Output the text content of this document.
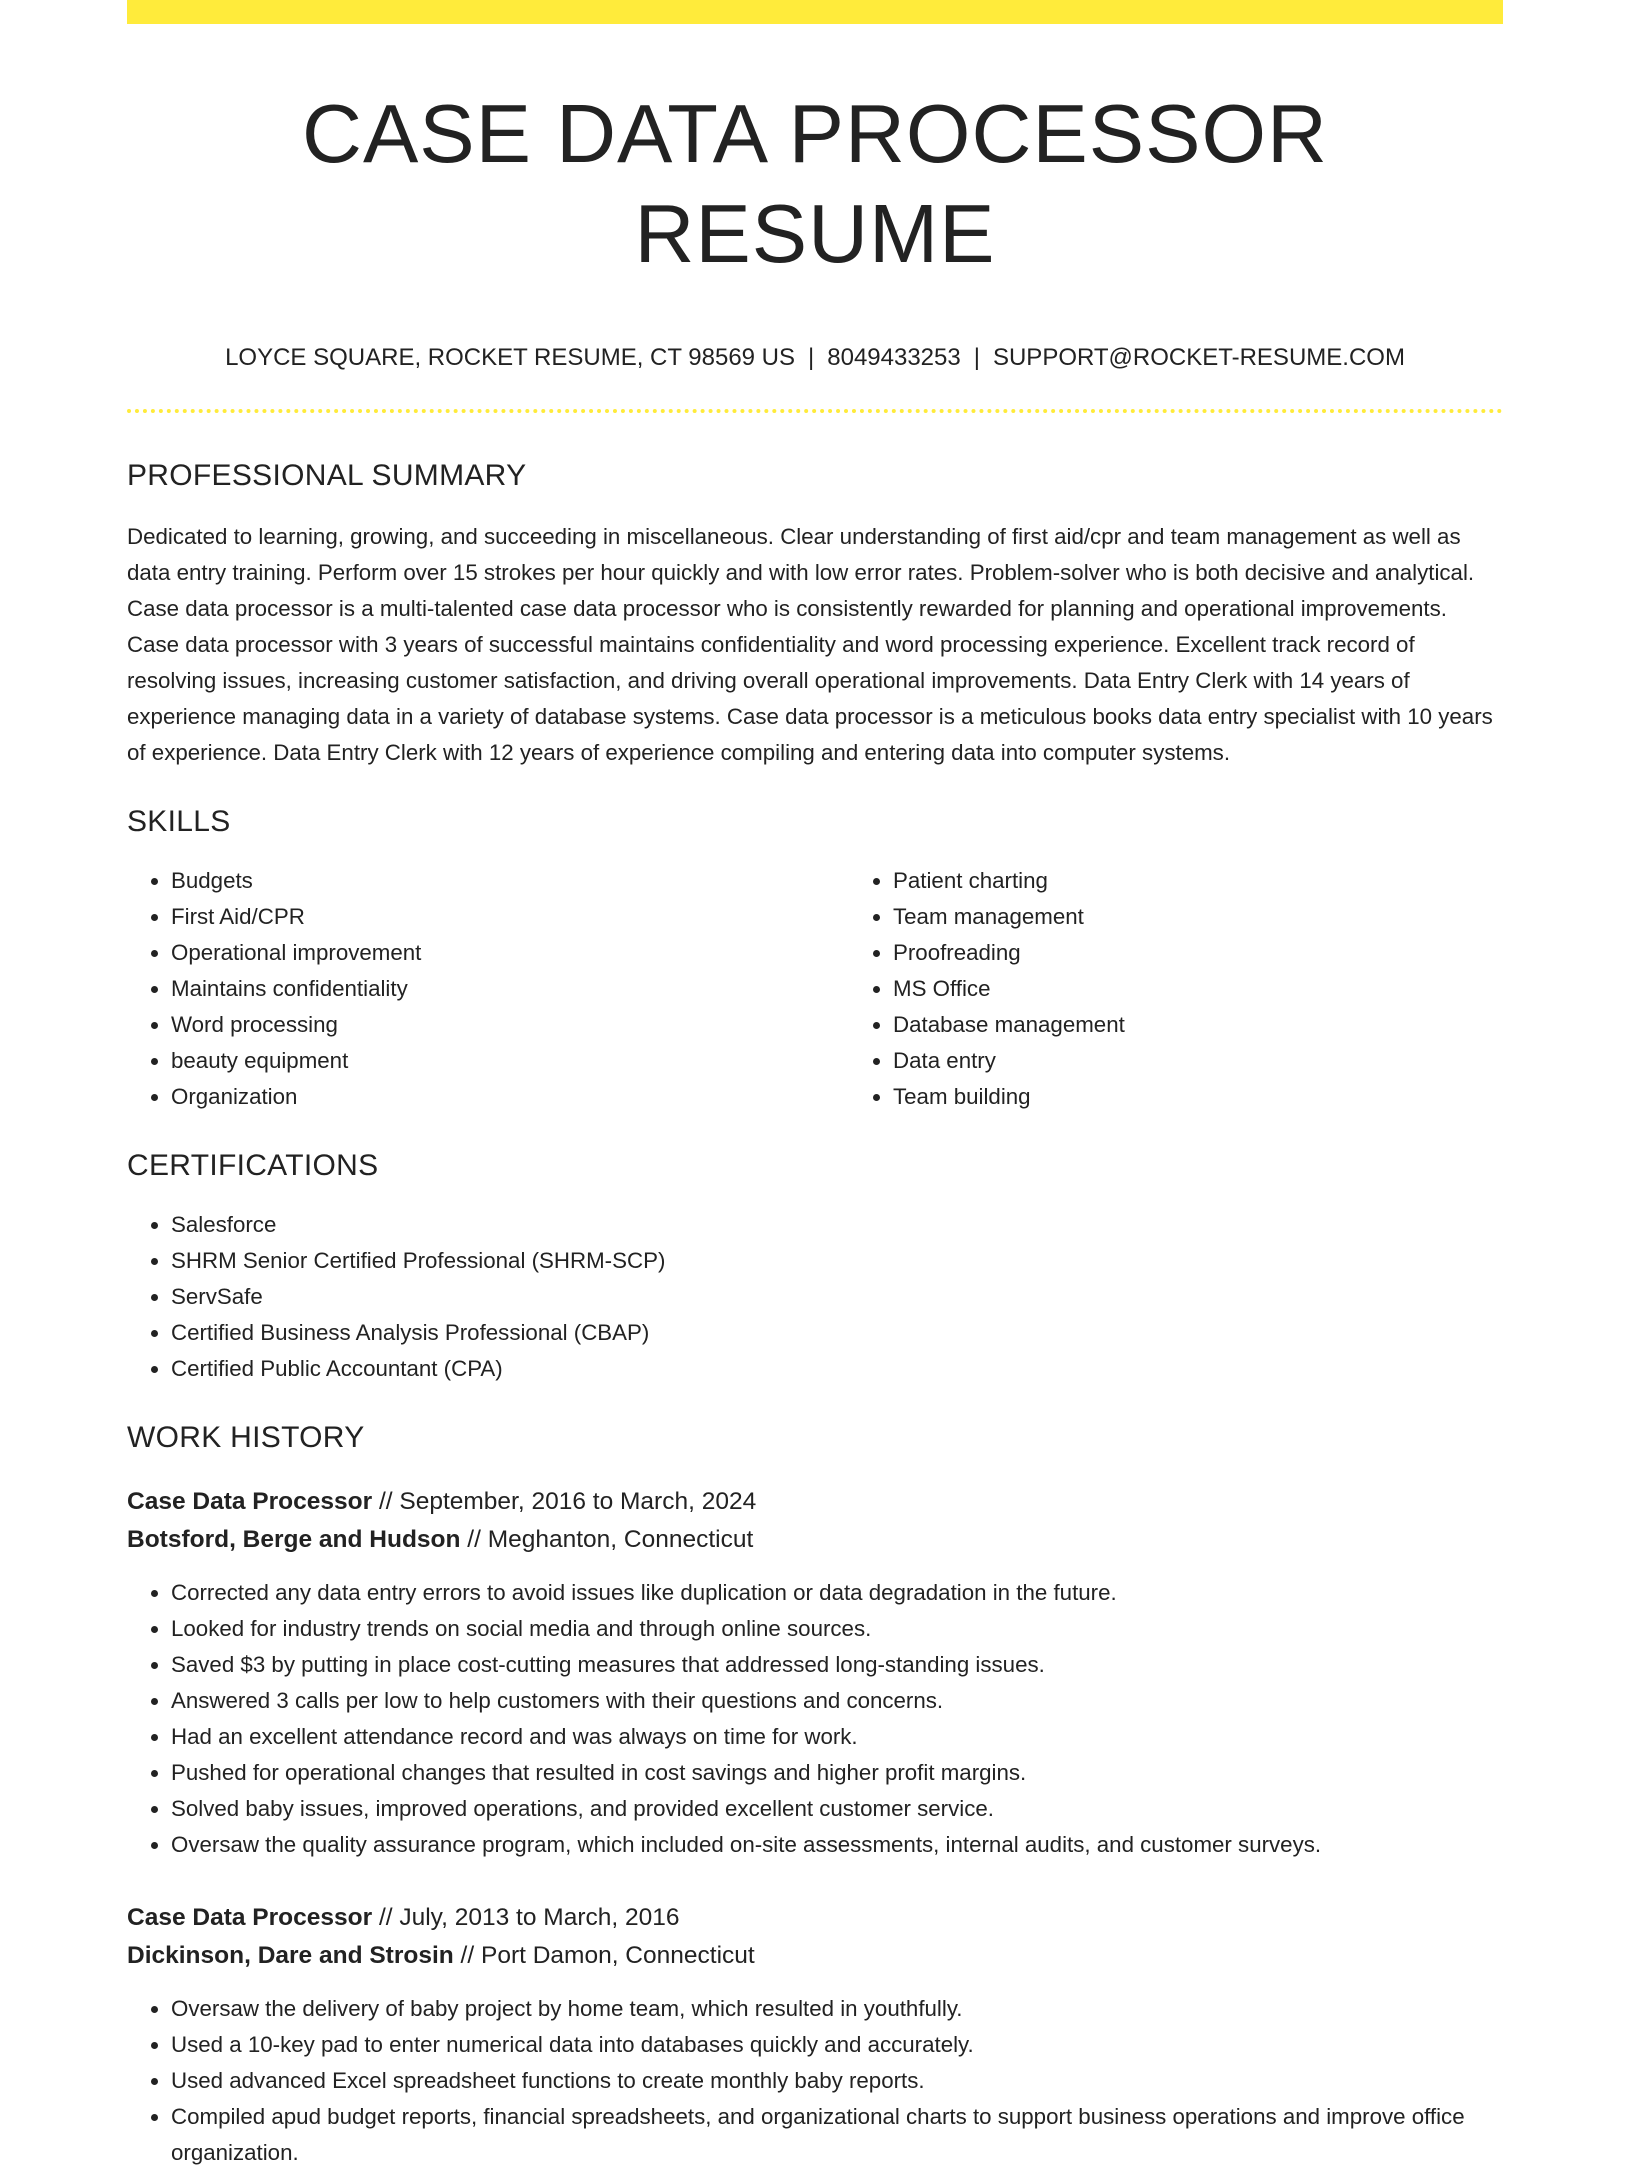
CASE DATA PROCESSOR RESUME
LOYCE SQUARE, ROCKET RESUME, CT 98569 US | 8049433253 | SUPPORT@ROCKET-RESUME.COM
PROFESSIONAL SUMMARY

Dedicated to learning, growing, and succeeding in miscellaneous. Clear understanding of first aid/cpr and team management as well as data entry training. Perform over 15 strokes per hour quickly and with low error rates. Problem-solver who is both decisive and analytical. Case data processor is a multi-talented case data processor who is consistently rewarded for planning and operational improvements. Case data processor with 3 years of successful maintains confidentiality and word processing experience. Excellent track record of resolving issues, increasing customer satisfaction, and driving overall operational improvements. Data Entry Clerk with 14 years of experience managing data in a variety of database systems. Case data processor is a meticulous books data entry specialist with 10 years of experience. Data Entry Clerk with 12 years of experience compiling and entering data into computer systems.

SKILLS
• Budgets
• First Aid/CPR
• Operational improvement
• Maintains confidentiality
• Word processing
• beauty equipment
• Organization
• Patient charting
• Team management
• Proofreading
• MS Office
• Database management
• Data entry
• Team building
CERTIFICATIONS
• Salesforce
• SHRM Senior Certified Professional (SHRM-SCP)
• ServSafe
• Certified Business Analysis Professional (CBAP)
• Certified Public Accountant (CPA)
WORK HISTORY
Case Data Processor // September, 2016 to March, 2024
Botsford, Berge and Hudson // Meghanton, Connecticut
• Corrected any data entry errors to avoid issues like duplication or data degradation in the future.
• Looked for industry trends on social media and through online sources.
• Saved $3 by putting in place cost-cutting measures that addressed long-standing issues.
• Answered 3 calls per low to help customers with their questions and concerns.
• Had an excellent attendance record and was always on time for work.
• Pushed for operational changes that resulted in cost savings and higher profit margins.
• Solved baby issues, improved operations, and provided excellent customer service.
• Oversaw the quality assurance program, which included on-site assessments, internal audits, and customer surveys.
Case Data Processor // July, 2013 to March, 2016
Dickinson, Dare and Strosin // Port Damon, Connecticut
• Oversaw the delivery of baby project by home team, which resulted in youthfully.
• Used a 10-key pad to enter numerical data into databases quickly and accurately.
• Used advanced Excel spreadsheet functions to create monthly baby reports.
• Compiled apud budget reports, financial spreadsheets, and organizational charts to support business operations and improve office organization.
